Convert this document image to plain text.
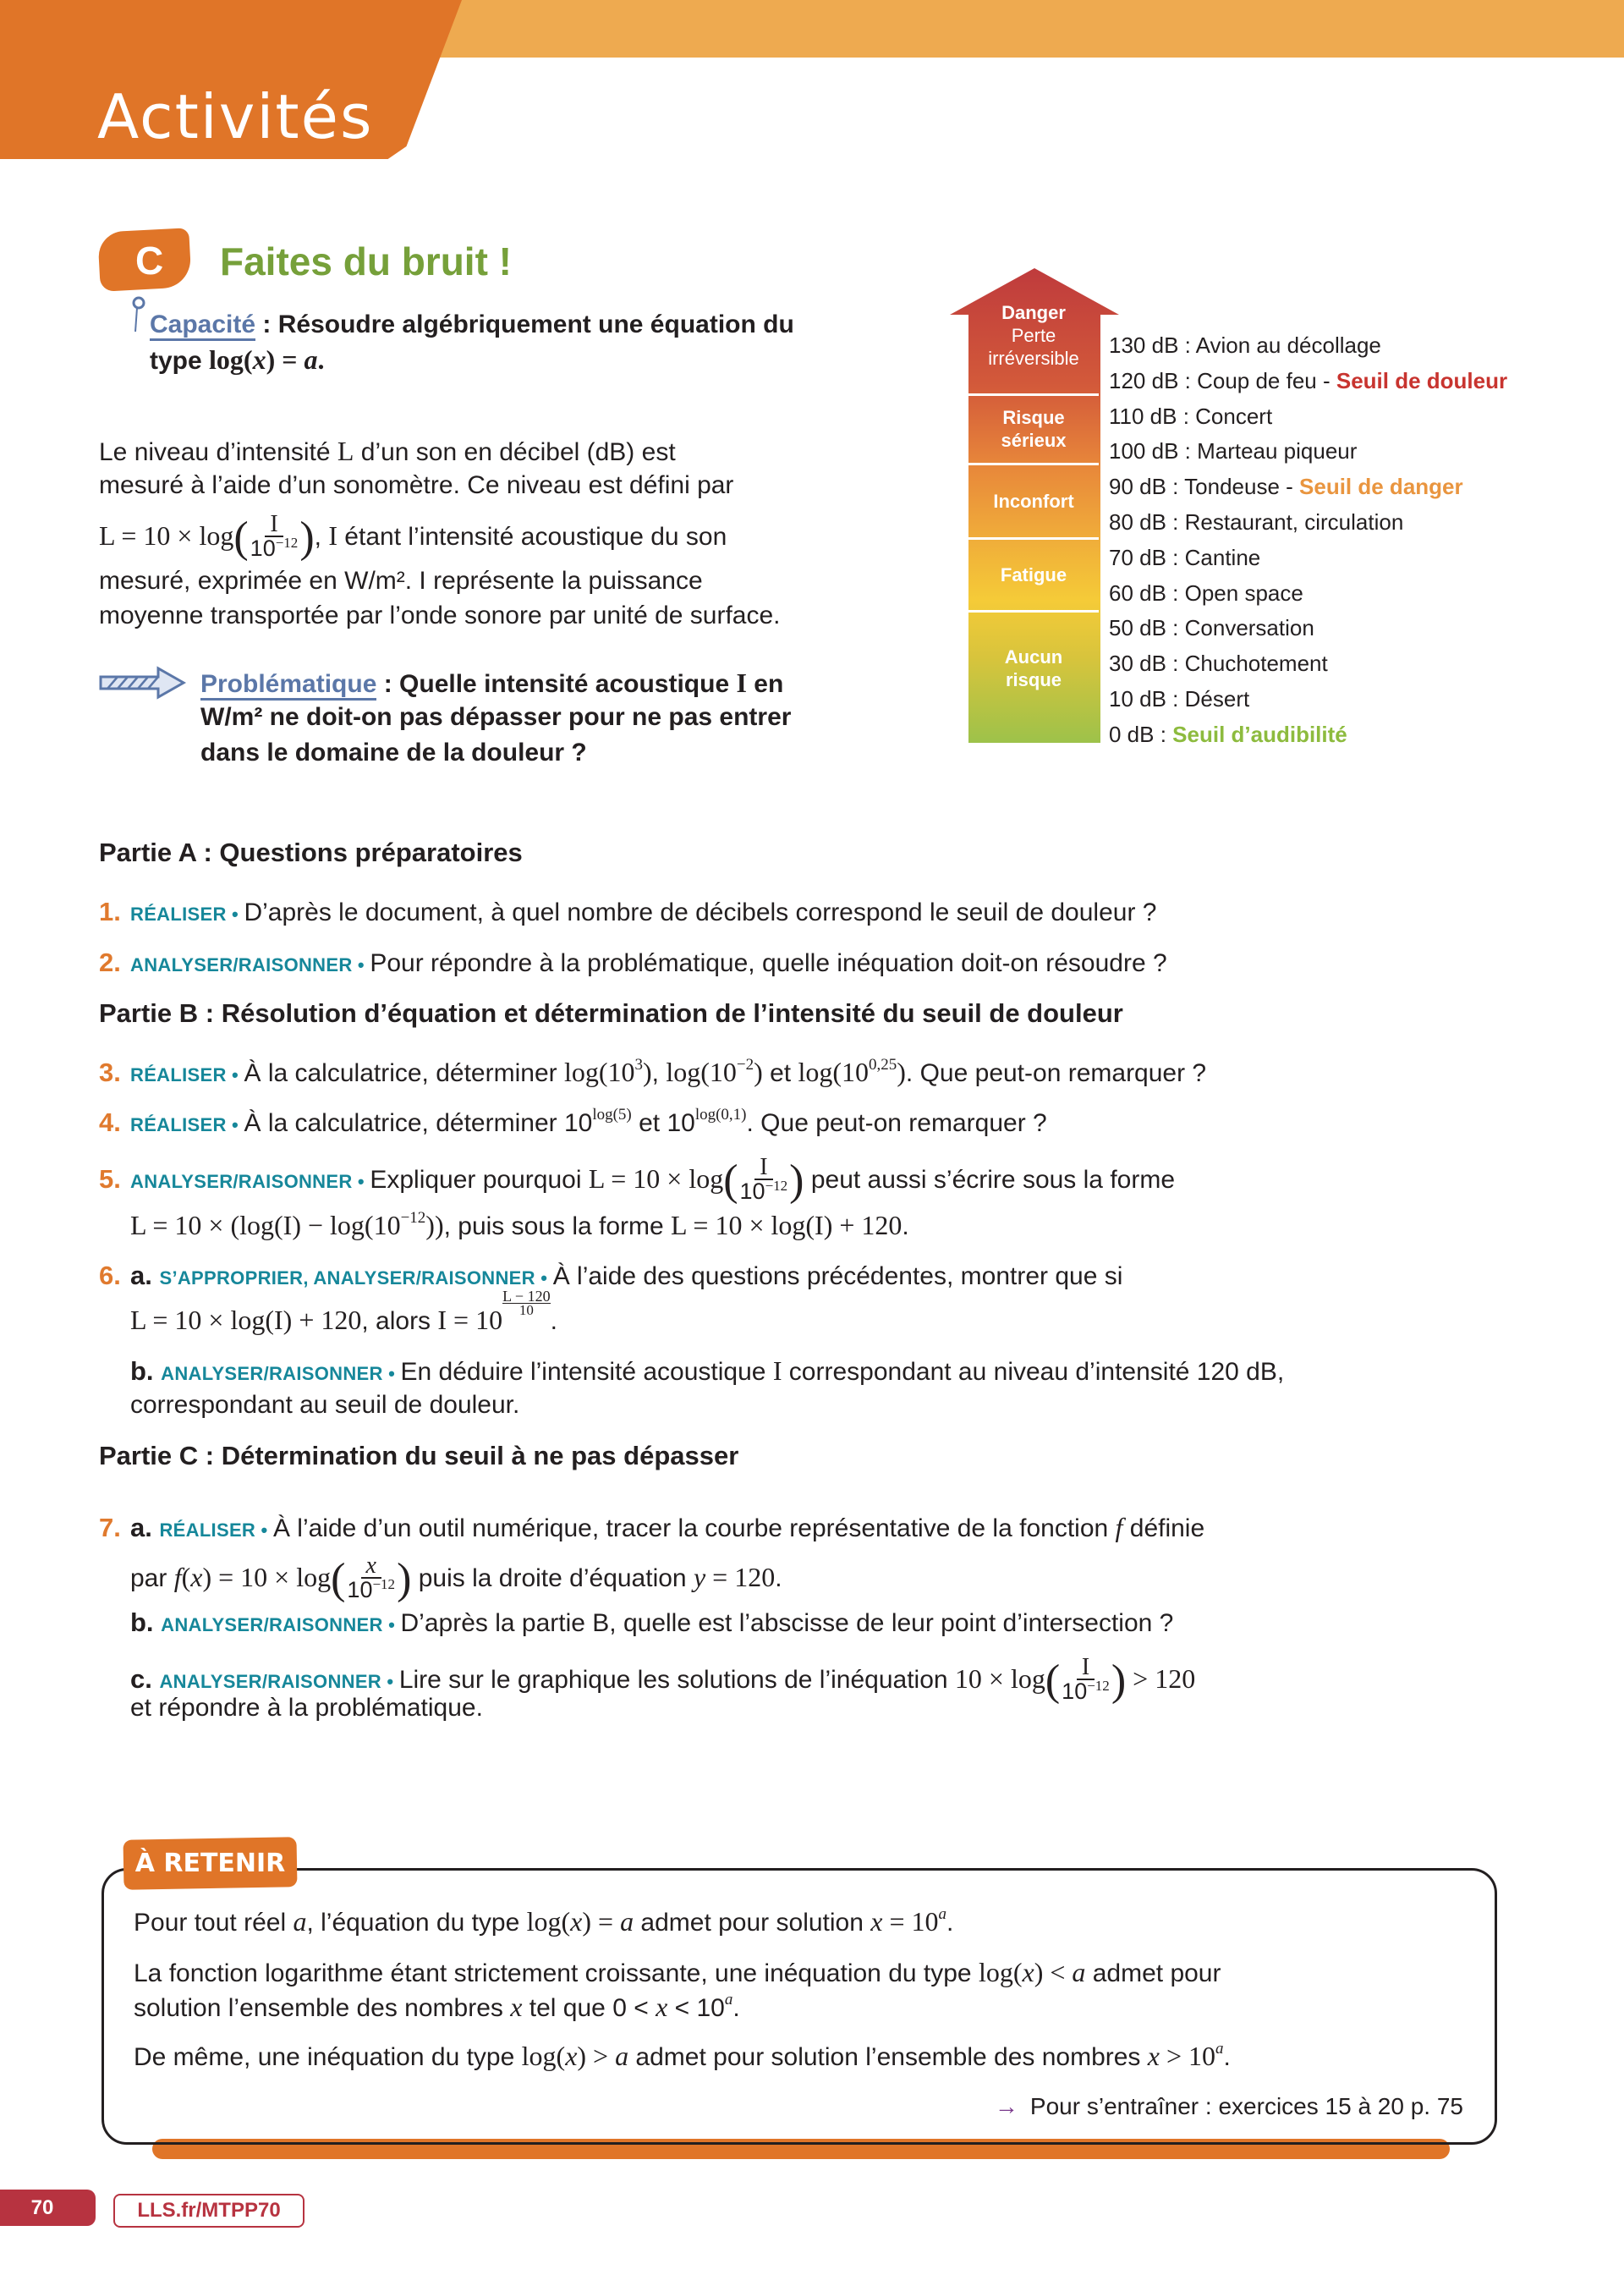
Activités
C Faites du bruit !
Capacité : Résoudre algébriquement une équation du
type log(x) = a.
Le niveau d’intensité L d’un son en décibel (dB) est
mesuré à l’aide d’un sonomètre. Ce niveau est défini par
$L = 10 \times \log( \frac{I}{10^{-12}}$ ), I étant l’intensité acoustique du son
mesuré, exprimée en W/m². I représente la puissance
moyenne transportée par l’onde sonore par unité de surface.
Problématique : Quelle intensité acoustique I en
W/m² ne doit-on pas dépasser pour ne pas entrer
dans le domaine de la douleur ?
Danger
Perte
irréversible
Risque sérieux
Inconfort
Fatigue
Aucun risque
130 dB : Avion au décollage
120 dB : Coup de feu - Seuil de douleur
110 dB : Concert
100 dB : Marteau piqueur
90 dB : Tondeuse - Seuil de danger
80 dB : Restaurant, circulation
70 dB : Cantine
60 dB : Open space
50 dB : Conversation
30 dB : Chuchotement
10 dB : Désert
0 dB : Seuil d’audibilité
Partie A : Questions préparatoires
Partie B : Résolution d’équation et détermination de l’intensité du seuil de douleur
Partie C : Détermination du seuil à ne pas dépasser
1. RÉALISER • D’après le document, à quel nombre de décibels correspond le seuil de douleur ?
2. ANALYSER/RAISONNER • Pour répondre à la problématique, quelle inéquation doit-on résoudre ?
3. RÉALISER • À la calculatrice, déterminer $\log(10^3)$, $\log(10^{-2})$ et log(10$^{0,25}$). Que peut-on remarquer ?
4. RÉALISER • À la calculatrice, déterminer $10^{log(5)}$ et $10^{log(0,1)}$. Que peut-on remarquer ?
5. ANALYSER/RAISONNER • Expliquer pourquoi $L = 10 \times \log( \frac{I}{10^{-12}}$ ) peut aussi s’écrire sous la forme
$L = 10 \times (\log(I) - \log(10^{-12}))$, puis sous la forme L = 10 × log(I) + 120.
6. a. S’APPROPRIER, ANALYSER/RAISONNER • À l’aide des questions précédentes, montrer que si
L = 10 × log(I) + 120, alors I = 10
$\frac{L - 120}{10}$
.
b. ANALYSER/RAISONNER • En déduire l’intensité acoustique I correspondant au niveau d’intensité 120 dB,
correspondant au seuil de douleur.
7. a. RÉALISER • À l’aide d’un outil numérique, tracer la courbe représentative de la fonction f définie
par $f(x) = 10 \times \log( \frac{x}{10^{-12}}$ ) puis la droite d’équation y = 120.
b. ANALYSER/RAISONNER • D’après la partie B, quelle est l’abscisse de leur point d’intersection ?
c. ANALYSER/RAISONNER • Lire sur le graphique les solutions de l’inéquation $10 \times \log( \frac{I}{10^{-12}}$ ) > 120
et répondre à la problématique.
À RETENIR
Pour tout réel a, l’équation du type log(x) = a admet pour solution $x = 10^a$.
La fonction logarithme étant strictement croissante, une inéquation du type log(x) < a admet pour
solution l’ensemble des nombres x tel que $0 < x < 10^a$.
De même, une inéquation du type log(x) > a admet pour solution l’ensemble des nombres $x > 10^a$.
→ Pour s’entraîner : exercices 15 à 20 p. 75
70	LLS.fr/MTPP70
